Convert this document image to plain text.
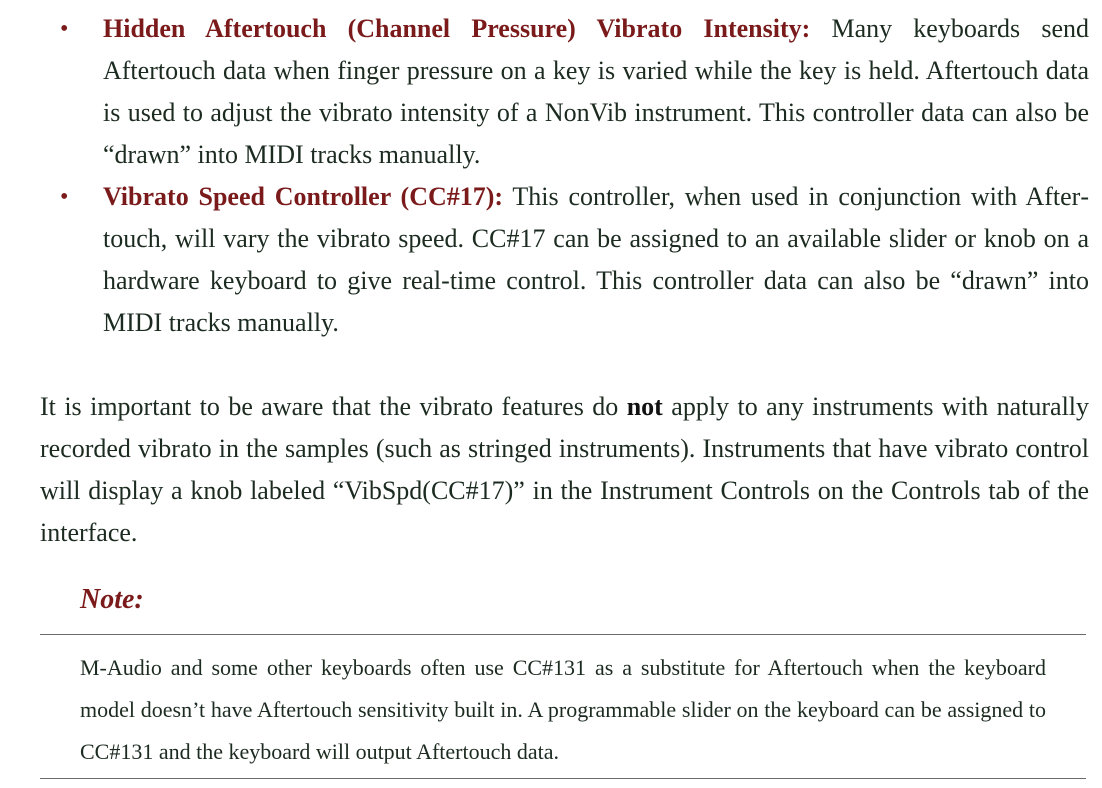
• Hidden Aftertouch (Channel Pressure) Vibrato Intensity: Many keyboards send Aftertouch data when finger pressure on a key is varied while the key is held. Aftertouch data is used to adjust the vibrato intensity of a NonVib instrument. This controller data can also be “drawn” into MIDI tracks manually.
• Vibrato Speed Controller (CC#17): This controller, when used in conjunction with Aftertouch, will vary the vibrato speed. CC#17 can be assigned to an available slider or knob on a hardware keyboard to give real-time control. This controller data can also be “drawn” into MIDI tracks manually.
It is important to be aware that the vibrato features do not apply to any instruments with naturally recorded vibrato in the samples (such as stringed instruments). Instruments that have vibrato control will display a knob labeled “VibSpd(CC#17)” in the Instrument Controls on the Controls tab of the interface.
Note:
M-Audio and some other keyboards often use CC#131 as a substitute for Aftertouch when the keyboard model doesn’t have Aftertouch sensitivity built in. A programmable slider on the keyboard can be assigned to CC#131 and the keyboard will output Aftertouch data.
